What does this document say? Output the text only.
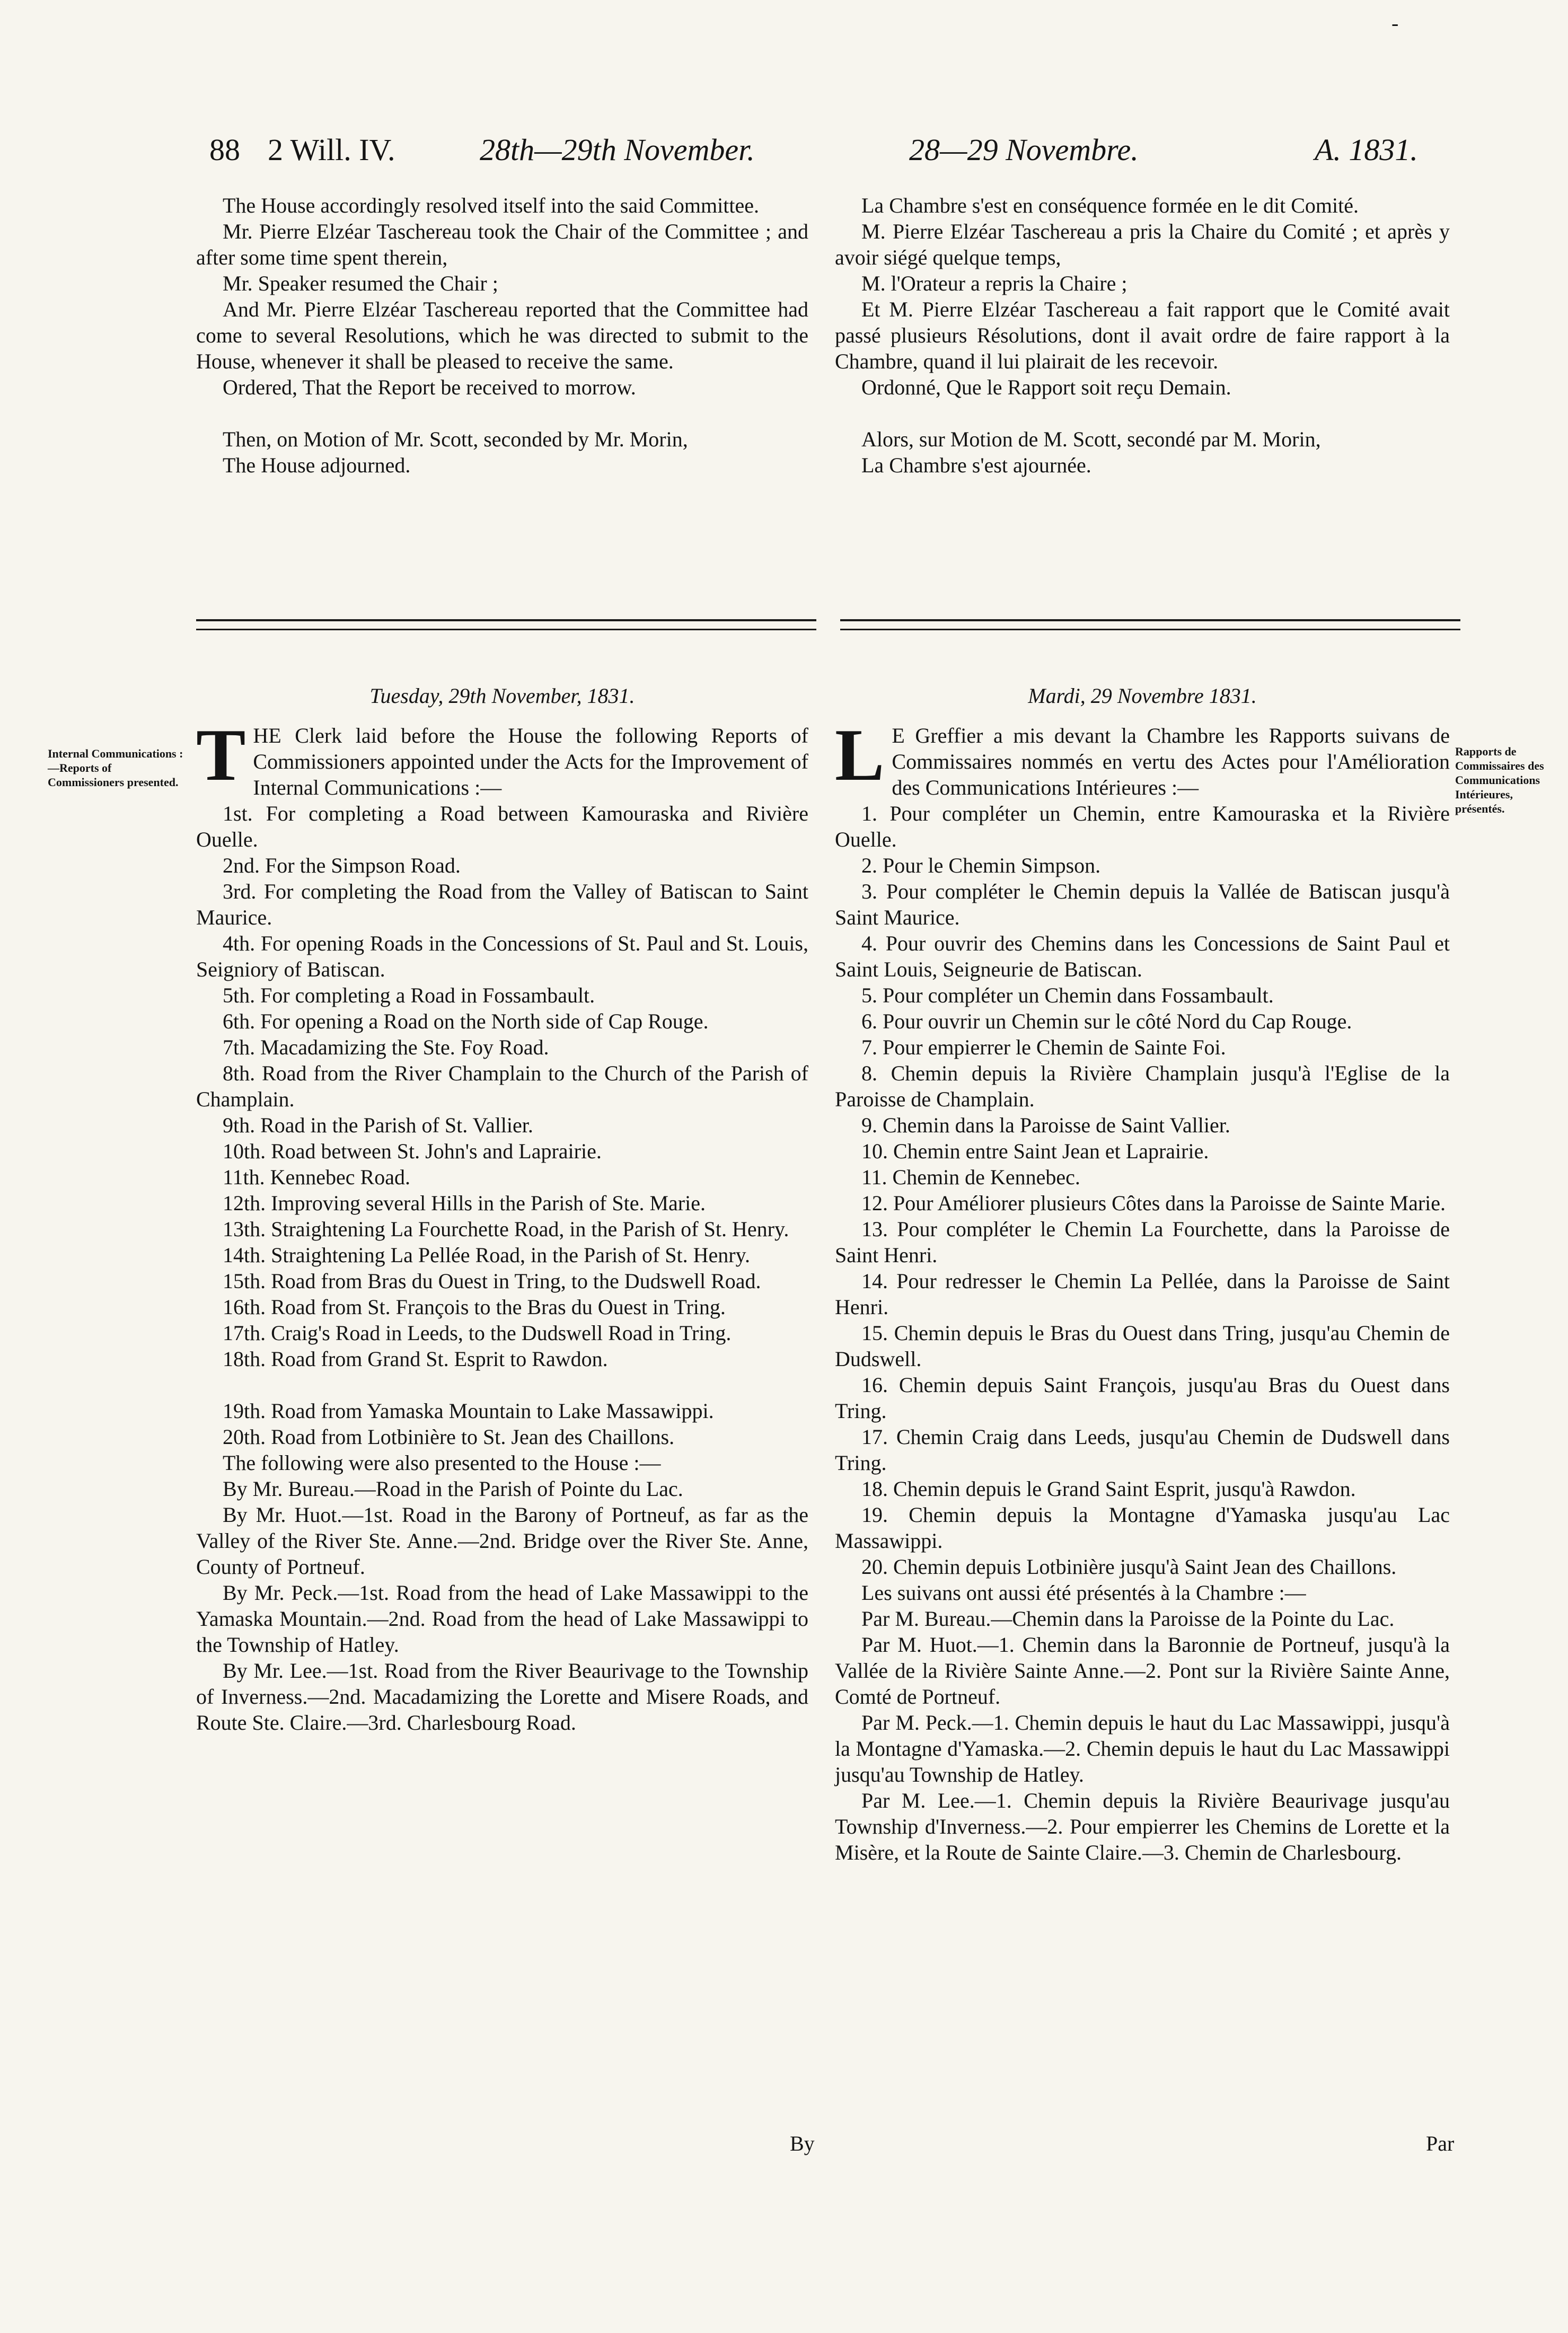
-
88 2 Will. IV.	28th—29th November.	28—29 Novembre.	A. 1831.

The House accordingly resolved itself into the said Committee.

Mr. Pierre Elzéar Taschereau took the Chair of the Committee ; and after some time spent therein,

Mr. Speaker resumed the Chair ;

And Mr. Pierre Elzéar Taschereau reported that the Committee had come to several Resolutions, which he was directed to submit to the House, whenever it shall be pleased to receive the same.

Ordered, That the Report be received to morrow.

Then, on Motion of Mr. Scott, seconded by Mr. Morin,

The House adjourned.

La Chambre s'est en conséquence formée en le dit Comité.

M. Pierre Elzéar Taschereau a pris la Chaire du Comité ; et après y avoir siégé quelque temps,

M. l'Orateur a repris la Chaire ;

Et M. Pierre Elzéar Taschereau a fait rapport que le Comité avait passé plusieurs Résolutions, dont il avait ordre de faire rapport à la Chambre, quand il lui plairait de les recevoir.

Ordonné, Que le Rapport soit reçu Demain.

Alors, sur Motion de M. Scott, secondé par M. Morin,

La Chambre s'est ajournée.

Internal Communications :—Reports of Commissioners presented.
Rapports de Commissaires des Communications Intérieures, présentés.

Tuesday, 29th November, 1831.

THE Clerk laid before the House the following Reports of Commissioners appointed under the Acts for the Improvement of Internal Communications :—

1st. For completing a Road between Kamouraska and Rivière Ouelle.

2nd. For the Simpson Road.

3rd. For completing the Road from the Valley of Batiscan to Saint Maurice.

4th. For opening Roads in the Concessions of St. Paul and St. Louis, Seigniory of Batiscan.

5th. For completing a Road in Fossambault.

6th. For opening a Road on the North side of Cap Rouge.

7th. Macadamizing the Ste. Foy Road.

8th. Road from the River Champlain to the Church of the Parish of Champlain.

9th. Road in the Parish of St. Vallier.

10th. Road between St. John's and Laprairie.

11th. Kennebec Road.

12th. Improving several Hills in the Parish of Ste. Marie.

13th. Straightening La Fourchette Road, in the Parish of St. Henry.

14th. Straightening La Pellée Road, in the Parish of St. Henry.

15th. Road from Bras du Ouest in Tring, to the Dudswell Road.

16th. Road from St. François to the Bras du Ouest in Tring.

17th. Craig's Road in Leeds, to the Dudswell Road in Tring.

18th. Road from Grand St. Esprit to Rawdon.

19th. Road from Yamaska Mountain to Lake Massawippi.

20th. Road from Lotbinière to St. Jean des Chaillons.

The following were also presented to the House :—

By Mr. Bureau.—Road in the Parish of Pointe du Lac.

By Mr. Huot.—1st. Road in the Barony of Portneuf, as far as the Valley of the River Ste. Anne.—2nd. Bridge over the River Ste. Anne, County of Portneuf.

By Mr. Peck.—1st. Road from the head of Lake Massawippi to the Yamaska Mountain.—2nd. Road from the head of Lake Massawippi to the Township of Hatley.

By Mr. Lee.—1st. Road from the River Beaurivage to the Township of Inverness.—2nd. Macadamizing the Lorette and Misere Roads, and Route Ste. Claire.—3rd. Charlesbourg Road.

Mardi, 29 Novembre 1831.

L E Greffier a mis devant la Chambre les Rapports suivans de Commissaires nommés en vertu des Actes pour l'Amélioration des Communications Intérieures :—

1. Pour compléter un Chemin, entre Kamouraska et la Rivière Ouelle.

2. Pour le Chemin Simpson.

3. Pour compléter le Chemin depuis la Vallée de Batiscan jusqu'à Saint Maurice.

4. Pour ouvrir des Chemins dans les Concessions de Saint Paul et Saint Louis, Seigneurie de Batiscan.

5. Pour compléter un Chemin dans Fossambault.

6. Pour ouvrir un Chemin sur le côté Nord du Cap Rouge.

7. Pour empierrer le Chemin de Sainte Foi.

8. Chemin depuis la Rivière Champlain jusqu'à l'Eglise de la Paroisse de Champlain.

9. Chemin dans la Paroisse de Saint Vallier.

10. Chemin entre Saint Jean et Laprairie.

11. Chemin de Kennebec.

12. Pour Améliorer plusieurs Côtes dans la Paroisse de Sainte Marie.

13. Pour compléter le Chemin La Fourchette, dans la Paroisse de Saint Henri.

14. Pour redresser le Chemin La Pellée, dans la Paroisse de Saint Henri.

15. Chemin depuis le Bras du Ouest dans Tring, jusqu'au Chemin de Dudswell.

16. Chemin depuis Saint François, jusqu'au Bras du Ouest dans Tring.

17. Chemin Craig dans Leeds, jusqu'au Chemin de Dudswell dans Tring.

18. Chemin depuis le Grand Saint Esprit, jusqu'à Rawdon.

19. Chemin depuis la Montagne d'Yamaska jusqu'au Lac Massawippi.

20. Chemin depuis Lotbinière jusqu'à Saint Jean des Chaillons.

Les suivans ont aussi été présentés à la Chambre :—

Par M. Bureau.—Chemin dans la Paroisse de la Pointe du Lac.

Par M. Huot.—1. Chemin dans la Baronnie de Portneuf, jusqu'à la Vallée de la Rivière Sainte Anne.—2. Pont sur la Rivière Sainte Anne, Comté de Portneuf.

Par M. Peck.—1. Chemin depuis le haut du Lac Massawippi, jusqu'à la Montagne d'Yamaska.—2. Chemin depuis le haut du Lac Massawippi jusqu'au Township de Hatley.

Par M. Lee.—1. Chemin depuis la Rivière Beaurivage jusqu'au Township d'Inverness.—2. Pour empierrer les Chemins de Lorette et la Misère, et la Route de Sainte Claire.—3. Chemin de Charlesbourg.

By	Par
